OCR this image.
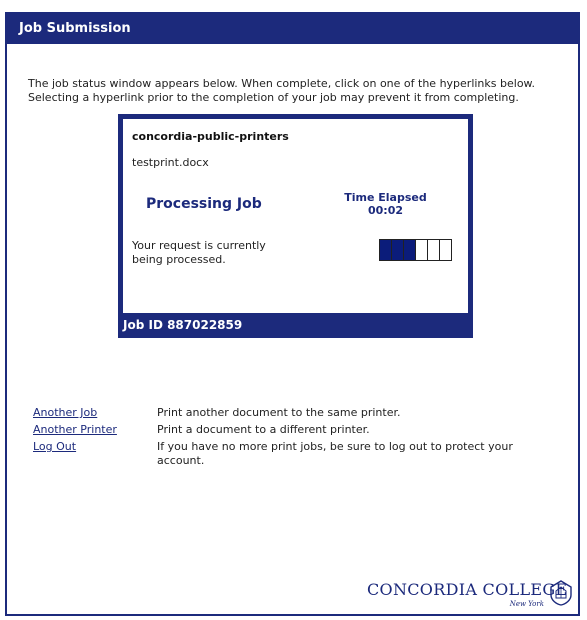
Job Submission
The job status window appears below. When complete, click on one of the hyperlinks below. Selecting a hyperlink prior to the completion of your job may prevent it from completing.
concordia-public-printers
testprint.docx
Processing Job	Time Elapsed
00:02
Your request is currently being processed.
Job ID 887022859
Another Job	Print another document to the same printer.
Another Printer	Print a document to a different printer.
Log Out	If you have no more print jobs, be sure to log out to protect your account.
CONCORDIA COLLEGE
New York
